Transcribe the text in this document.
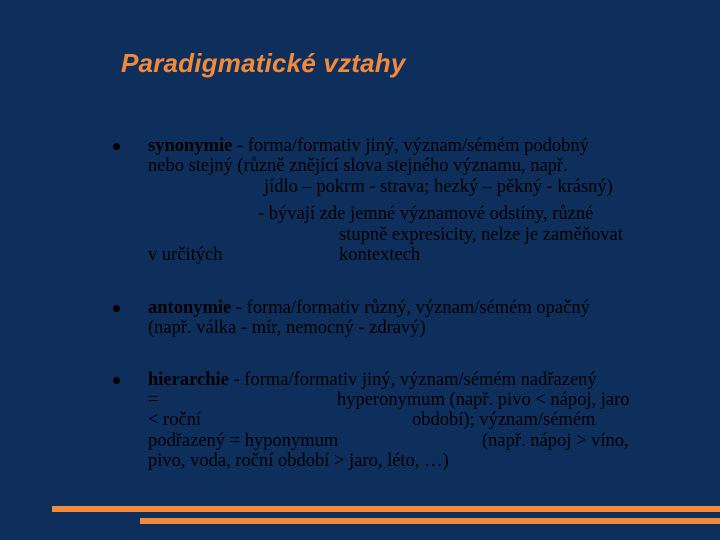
Paradigmatické vztahy
synonymie - forma/formativ jiný, význam/sémém podobný
nebo stejný (různě znějící slova stejného významu, např.
jídlo – pokrm - strava; hezký – pěkný - krásný)
- bývají zde jemné významové odstíny, různé
stupně expresicity, nelze je zaměňovat
v určitých	kontextech
antonymie - forma/formativ různý, význam/sémém opačný
(např. válka - mír, nemocný - zdravý)
hierarchie - forma/formativ jiný, význam/sémém nadřazený
=	hyperonymum (např. pivo < nápoj, jaro
< roční	období); význam/sémém
podřazený = hyponymum	(např. nápoj > víno,
pivo, voda, roční období > jaro, léto, …)
